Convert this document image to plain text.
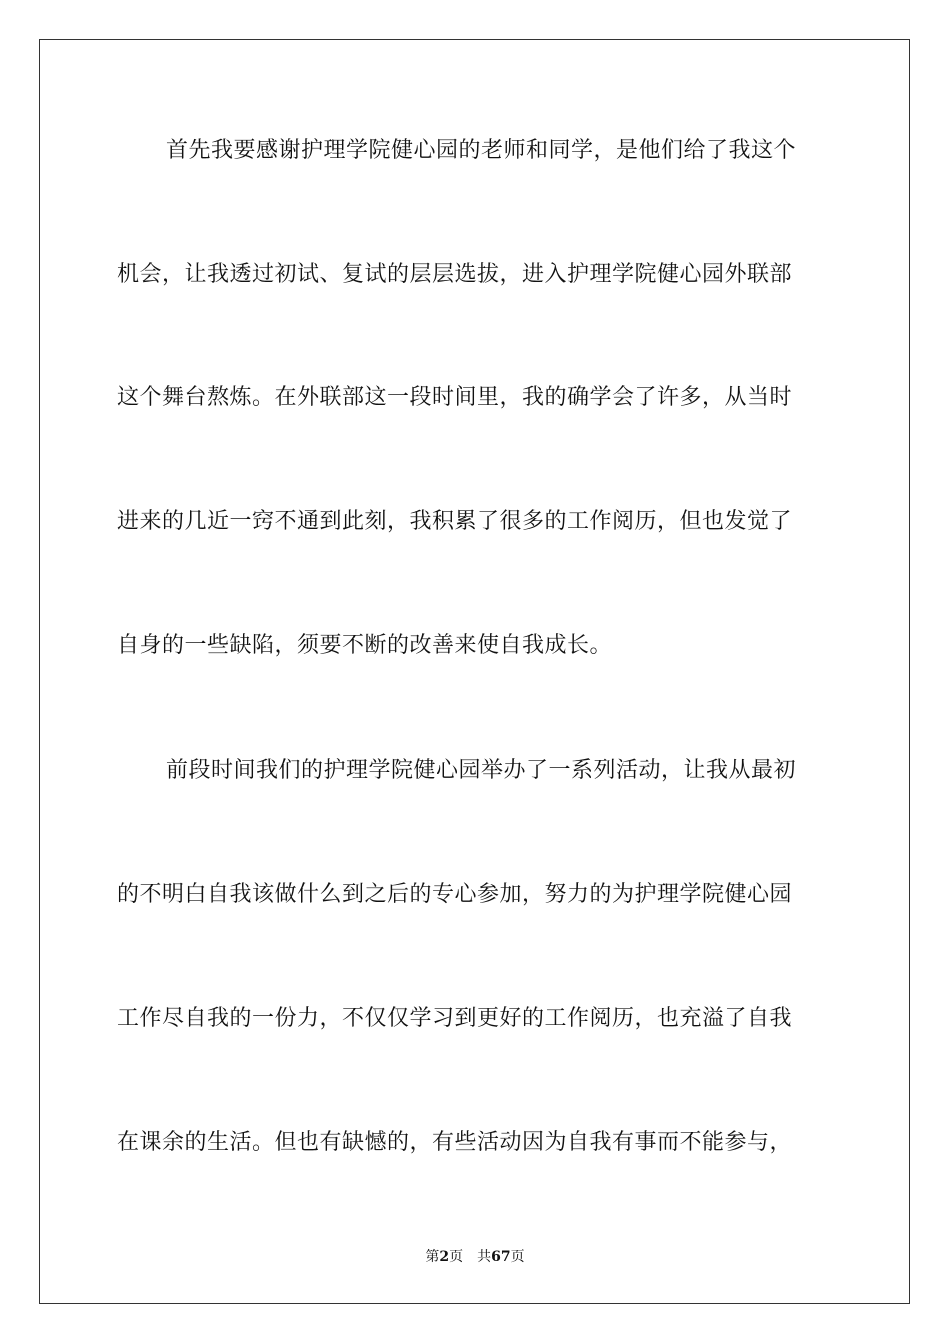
首先我要感谢护理学院健心园的老师和同学，是他们给了我这个
机会，让我透过初试、复试的层层选拔，进入护理学院健心园外联部
这个舞台熬炼。在外联部这一段时间里，我的确学会了许多，从当时
进来的几近一窍不通到此刻，我积累了很多的工作阅历，但也发觉了
自身的一些缺陷，须要不断的改善来使自我成长。
前段时间我们的护理学院健心园举办了一系列活动，让我从最初
的不明白自我该做什么到之后的专心参加，努力的为护理学院健心园
工作尽自我的一份力，不仅仅学习到更好的工作阅历，也充溢了自我
在课余的生活。但也有缺憾的，有些活动因为自我有事而不能参与，
第2页 共67页
